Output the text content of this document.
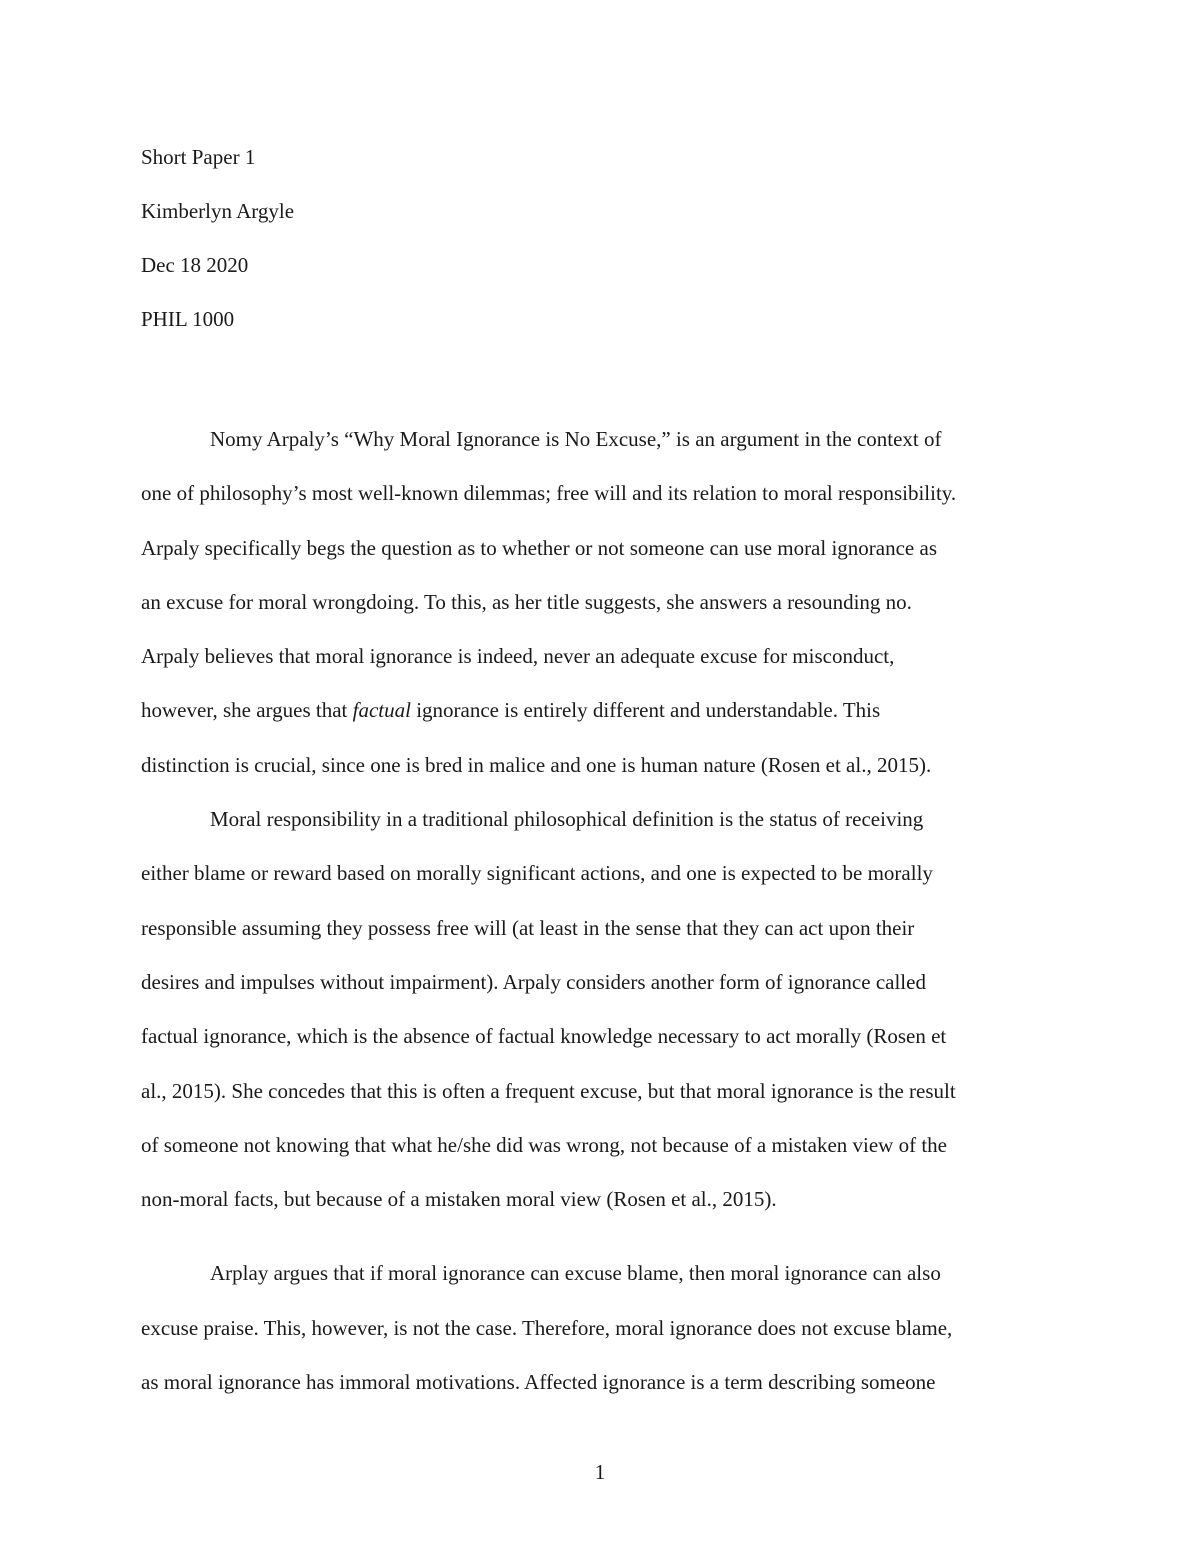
Short Paper 1
Kimberlyn Argyle
Dec 18 2020
PHIL 1000
Nomy Arpaly’s “Why Moral Ignorance is No Excuse,” is an argument in the context of
one of philosophy’s most well-known dilemmas; free will and its relation to moral responsibility.
Arpaly specifically begs the question as to whether or not someone can use moral ignorance as
an excuse for moral wrongdoing. To this, as her title suggests, she answers a resounding no.
Arpaly believes that moral ignorance is indeed, never an adequate excuse for misconduct,
however, she argues that factual ignorance is entirely different and understandable. This
distinction is crucial, since one is bred in malice and one is human nature (Rosen et al., 2015).
Moral responsibility in a traditional philosophical definition is the status of receiving
either blame or reward based on morally significant actions, and one is expected to be morally
responsible assuming they possess free will (at least in the sense that they can act upon their
desires and impulses without impairment). Arpaly considers another form of ignorance called
factual ignorance, which is the absence of factual knowledge necessary to act morally (Rosen et
al., 2015). She concedes that this is often a frequent excuse, but that moral ignorance is the result
of someone not knowing that what he/she did was wrong, not because of a mistaken view of the
non-moral facts, but because of a mistaken moral view (Rosen et al., 2015).
Arplay argues that if moral ignorance can excuse blame, then moral ignorance can also
excuse praise. This, however, is not the case. Therefore, moral ignorance does not excuse blame,
as moral ignorance has immoral motivations. Affected ignorance is a term describing someone
1
